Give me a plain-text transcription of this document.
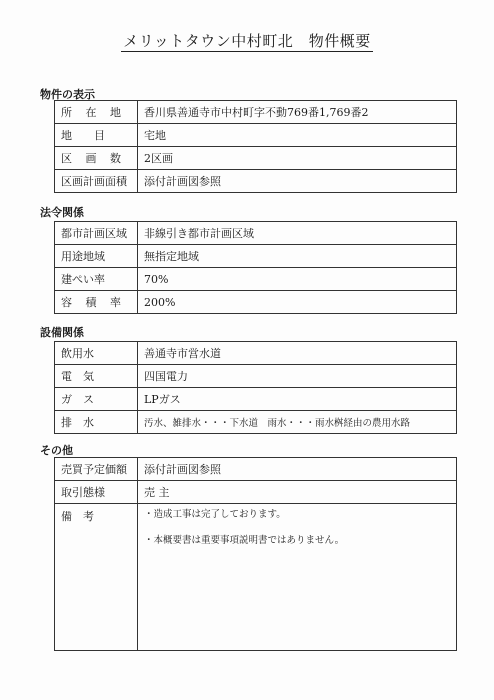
メリットタウン中村町北　物件概要
物件の表示
所 在 地	香川県善通寺市中村町字不動769番1,769番2
地　　目	宅地
区 画 数	2区画
区画計画面積	添付計画図参照
法令関係
都市計画区域	非線引き都市計画区域
用途地域	無指定地域
建ぺい率	70%
容 積 率	200%
設備関係
飲用水	善通寺市営水道
電　気	四国電力
ガ　ス	LPガス
排　水	汚水、雑排水・・・下水道　雨水・・・雨水桝経由の農用水路
その他
売買予定価額	添付計画図参照
取引態様	売 主
備　考	・造成工事は完了しております。
・本概要書は重要事項説明書ではありません。
